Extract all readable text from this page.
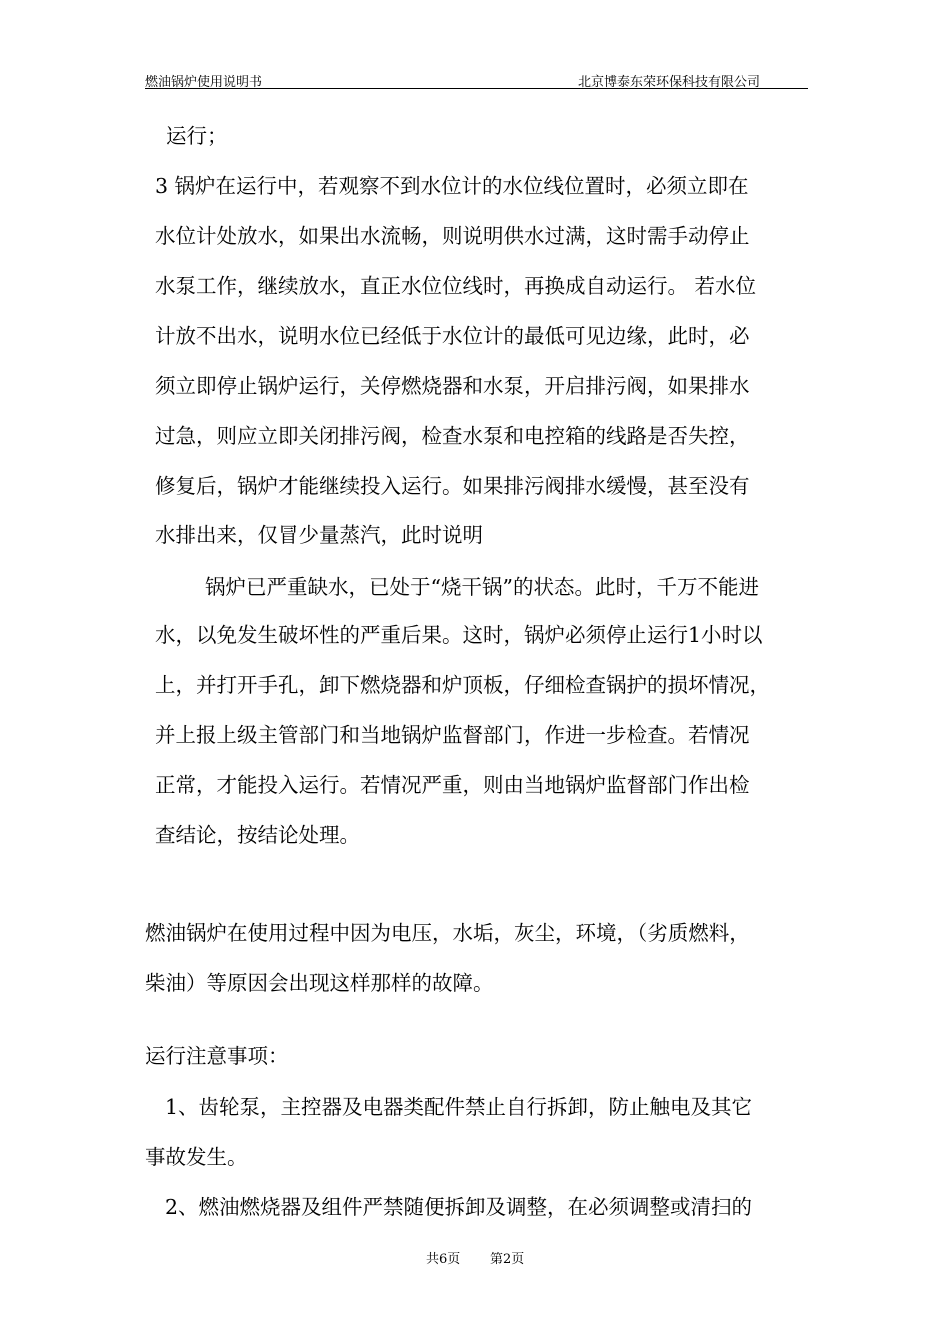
燃油锅炉使用说明书	北京博泰东荣环保科技有限公司
运行；
3 锅炉在运行中，若观察不到水位计的水位线位置时，必须立即在
水位计处放水，如果出水流畅，则说明供水过满，这时需手动停止
水泵工作，继续放水，直正水位位线时，再换成自动运行。 若水位
计放不出水，说明水位已经低于水位计的最低可见边缘，此时，必
须立即停止锅炉运行，关停燃烧器和水泵，开启排污阀，如果排水
过急，则应立即关闭排污阀，检查水泵和电控箱的线路是否失控，
修复后，锅炉才能继续投入运行。如果排污阀排水缓慢，甚至没有
水排出来，仅冒少量蒸汽，此时说明
锅炉已严重缺水，已处于“烧干锅”的状态。此时，千万不能进
水，以免发生破坏性的严重后果。这时，锅炉必须停止运行1小时以
上，并打开手孔，卸下燃烧器和炉顶板，仔细检查锅护的损坏情况，
并上报上级主管部门和当地锅炉监督部门，作进一步检查。若情况
正常，才能投入运行。若情况严重，则由当地锅炉监督部门作出检
查结论，按结论处理。
燃油锅炉在使用过程中因为电压，水垢，灰尘，环境，（劣质燃料，
柴油）等原因会出现这样那样的故障。
运行注意事项：
1、齿轮泵，主控器及电器类配件禁止自行拆卸，防止触电及其它
事故发生。
2、燃油燃烧器及组件严禁随便拆卸及调整，在必须调整或清扫的
共6页 第2页
